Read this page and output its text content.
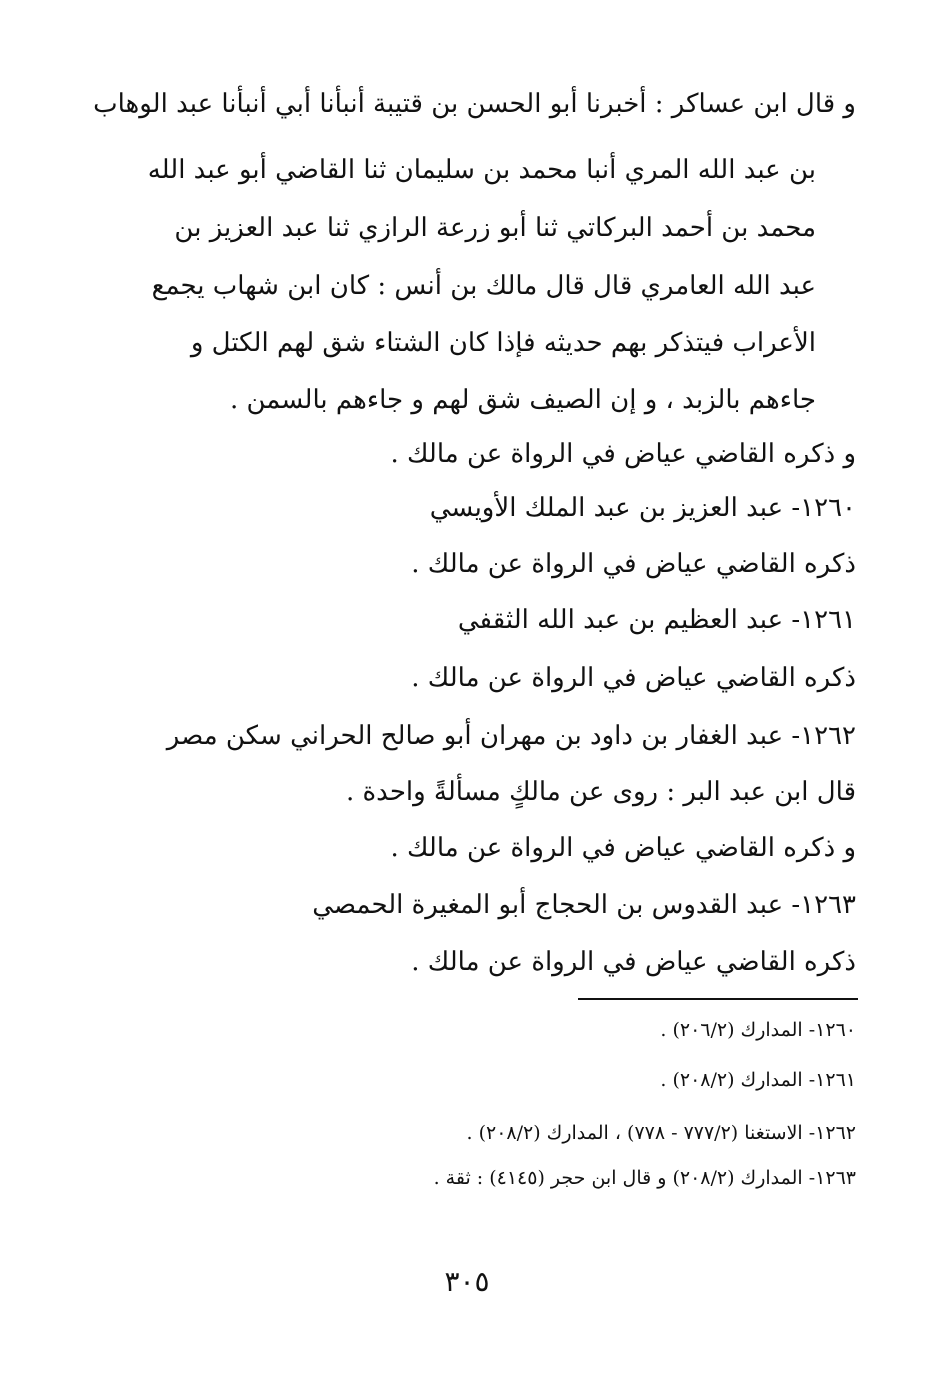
و قال ابن عساكر : أخبرنا أبو الحسن بن قتيبة أنبأنا أبي أنبأنا عبد الوهاب
بن عبد الله المري أنبا محمد بن سليمان ثنا القاضي أبو عبد الله
محمد بن أحمد البركاتي ثنا أبو زرعة الرازي ثنا عبد العزيز بن
عبد الله العامري قال قال مالك بن أنس : كان ابن شهاب يجمع
الأعراب فيتذكر بهم حديثه فإذا كان الشتاء شق لهم الكتل و
جاءهم بالزبد ، و إن الصيف شق لهم و جاءهم بالسمن .
و ذكره القاضي عياض في الرواة عن مالك .
١٢٦٠- عبد العزيز بن عبد الملك الأويسي
ذكره القاضي عياض في الرواة عن مالك .
١٢٦١- عبد العظيم بن عبد الله الثقفي
ذكره القاضي عياض في الرواة عن مالك .
١٢٦٢- عبد الغفار بن داود بن مهران أبو صالح الحراني سكن مصر
قال ابن عبد البر : روى عن مالكٍ مسألةً واحدة .
و ذكره القاضي عياض في الرواة عن مالك .
١٢٦٣- عبد القدوس بن الحجاج أبو المغيرة الحمصي
ذكره القاضي عياض في الرواة عن مالك .
١٢٦٠- المدارك (٢٠٦/٢) .
١٢٦١- المدارك (٢٠٨/٢) .
١٢٦٢- الاستغنا (٧٧٧/٢ - ٧٧٨) ، المدارك (٢٠٨/٢) .
١٢٦٣- المدارك (٢٠٨/٢) و قال ابن حجر (٤١٤٥) : ثقة .
٣٠٥
